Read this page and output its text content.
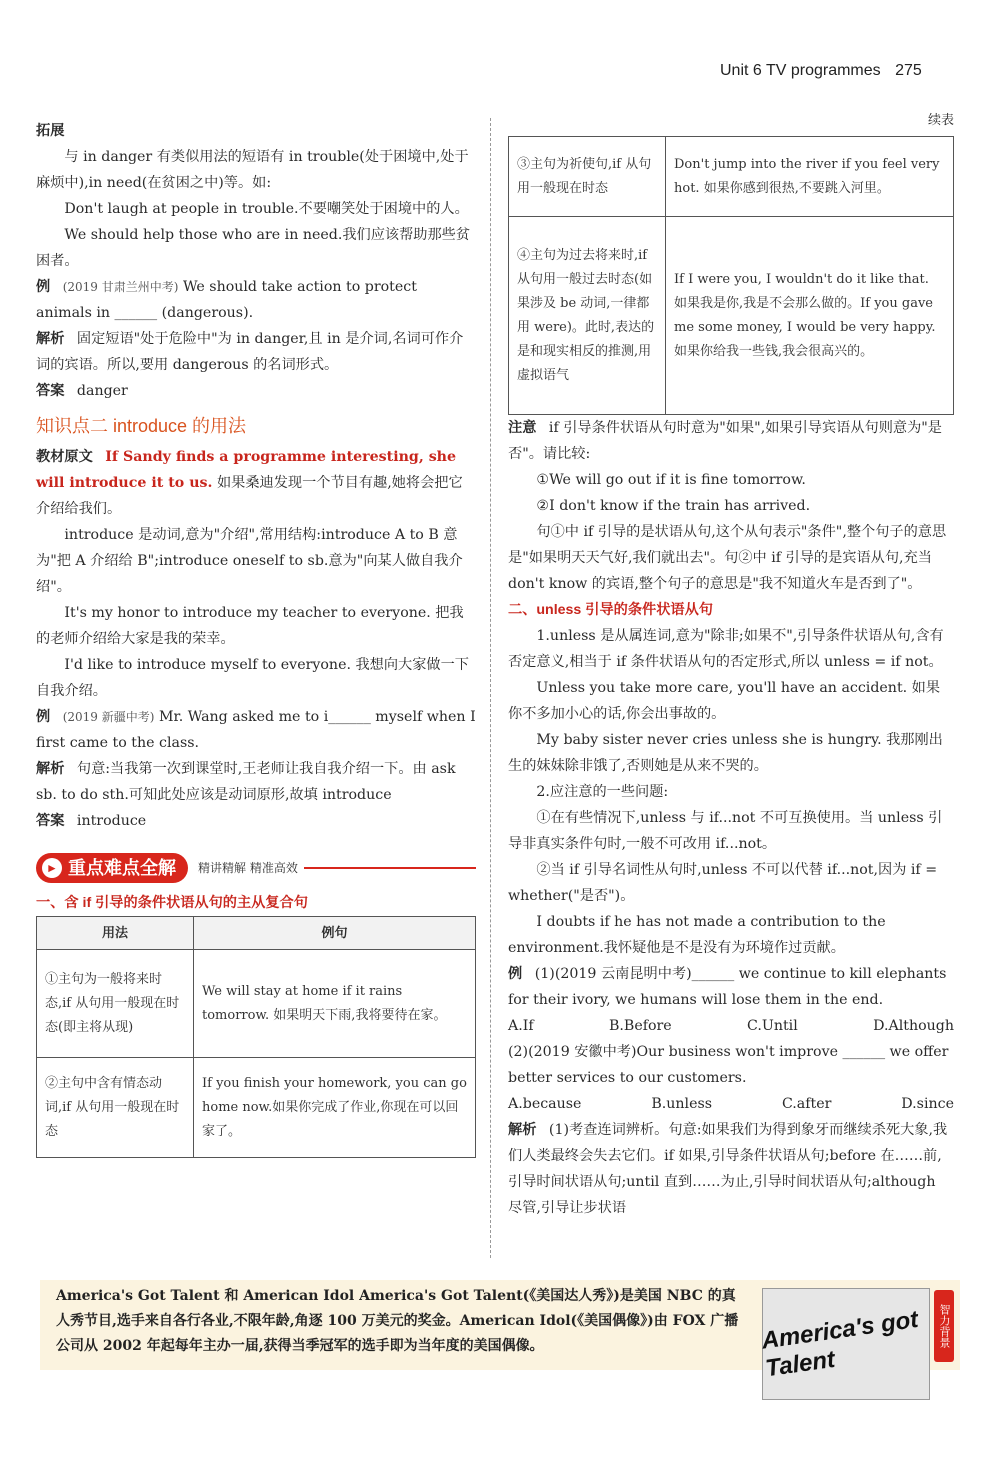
Unit 6 TV programmes 275

拓展

与 in danger 有类似用法的短语有 in trouble(处于困境中,处于麻烦中),in need(在贫困之中)等。如:

Don't laugh at people in trouble.不要嘲笑处于困境中的人。

We should help those who are in need.我们应该帮助那些贫困者。

例 (2019 甘肃兰州中考) We should take action to protect animals in ______ (dangerous).

解析 固定短语"处于危险中"为 in danger,且 in 是介词,名词可作介词的宾语。所以,要用 dangerous 的名词形式。

答案 danger

知识点二 introduce 的用法

教材原文 If Sandy finds a programme interesting, she will introduce it to us. 如果桑迪发现一个节目有趣,她将会把它介绍给我们。

introduce 是动词,意为"介绍",常用结构:introduce A to B 意为"把 A 介绍给 B";introduce oneself to sb.意为"向某人做自我介绍"。

It's my honor to introduce my teacher to everyone. 把我的老师介绍给大家是我的荣幸。

I'd like to introduce myself to everyone. 我想向大家做一下自我介绍。

例 (2019 新疆中考) Mr. Wang asked me to i______ myself when I first came to the class.

解析 句意:当我第一次到课堂时,王老师让我自我介绍一下。由 ask sb. to do sth.可知此处应该是动词原形,故填 introduce

答案 introduce

► 重点难点全解 精讲精解 精准高效

一、含 if 引导的条件状语从句的主从复合句

用法	例句
①主句为一般将来时态,if 从句用一般现在时态(即主将从现)	We will stay at home if it rains tomorrow. 如果明天下雨,我将要待在家。
②主句中含有情态动词,if 从句用一般现在时态	If you finish your homework, you can go home now.如果你完成了作业,你现在可以回家了。

续表

③主句为祈使句,if 从句用一般现在时态	Don't jump into the river if you feel very hot. 如果你感到很热,不要跳入河里。
④主句为过去将来时,if 从句用一般过去时态(如果涉及 be 动词,一律都用 were)。此时,表达的是和现实相反的推测,用虚拟语气	If I were you, I wouldn't do it like that. 如果我是你,我是不会那么做的。If you gave me some money, I would be very happy. 如果你给我一些钱,我会很高兴的。

注意 if 引导条件状语从句时意为"如果",如果引导宾语从句则意为"是否"。请比较:

①We will go out if it is fine tomorrow.

②I don't know if the train has arrived.

句①中 if 引导的是状语从句,这个从句表示"条件",整个句子的意思是"如果明天天气好,我们就出去"。句②中 if 引导的是宾语从句,充当 don't know 的宾语,整个句子的意思是"我不知道火车是否到了"。

二、unless 引导的条件状语从句

1.unless 是从属连词,意为"除非;如果不",引导条件状语从句,含有否定意义,相当于 if 条件状语从句的否定形式,所以 unless = if not。

Unless you take more care, you'll have an accident. 如果你不多加小心的话,你会出事故的。

My baby sister never cries unless she is hungry. 我那刚出生的妹妹除非饿了,否则她是从来不哭的。

2.应注意的一些问题:

①在有些情况下,unless 与 if...not 不可互换使用。当 unless 引导非真实条件句时,一般不可改用 if...not。

②当 if 引导名词性从句时,unless 不可以代替 if...not,因为 if = whether("是否")。

I doubts if he has not made a contribution to the environment.我怀疑他是不是没有为环境作过贡献。

例 (1)(2019 云南昆明中考)______ we continue to kill elephants for their ivory, we humans will lose them in the end.

A.If	B.Before	C.Until	D.Although

(2)(2019 安徽中考)Our business won't improve ______ we offer better services to our customers.

A.because	B.unless	C.after	D.since

解析 (1)考查连词辨析。句意:如果我们为得到象牙而继续杀死大象,我们人类最终会失去它们。if 如果,引导条件状语从句;before 在……前,引导时间状语从句;until 直到……为止,引导时间状语从句;although 尽管,引导让步状语

America's Got Talent 和 American Idol America's Got Talent(《美国达人秀》)是美国 NBC 的真人秀节目,选手来自各行各业,不限年龄,角逐 100 万美元的奖金。American Idol(《美国偶像》)由 FOX 广播公司从 2002 年起每年主办一届,获得当季冠军的选手即为当年度的美国偶像。	America's got Talent
智力背景
